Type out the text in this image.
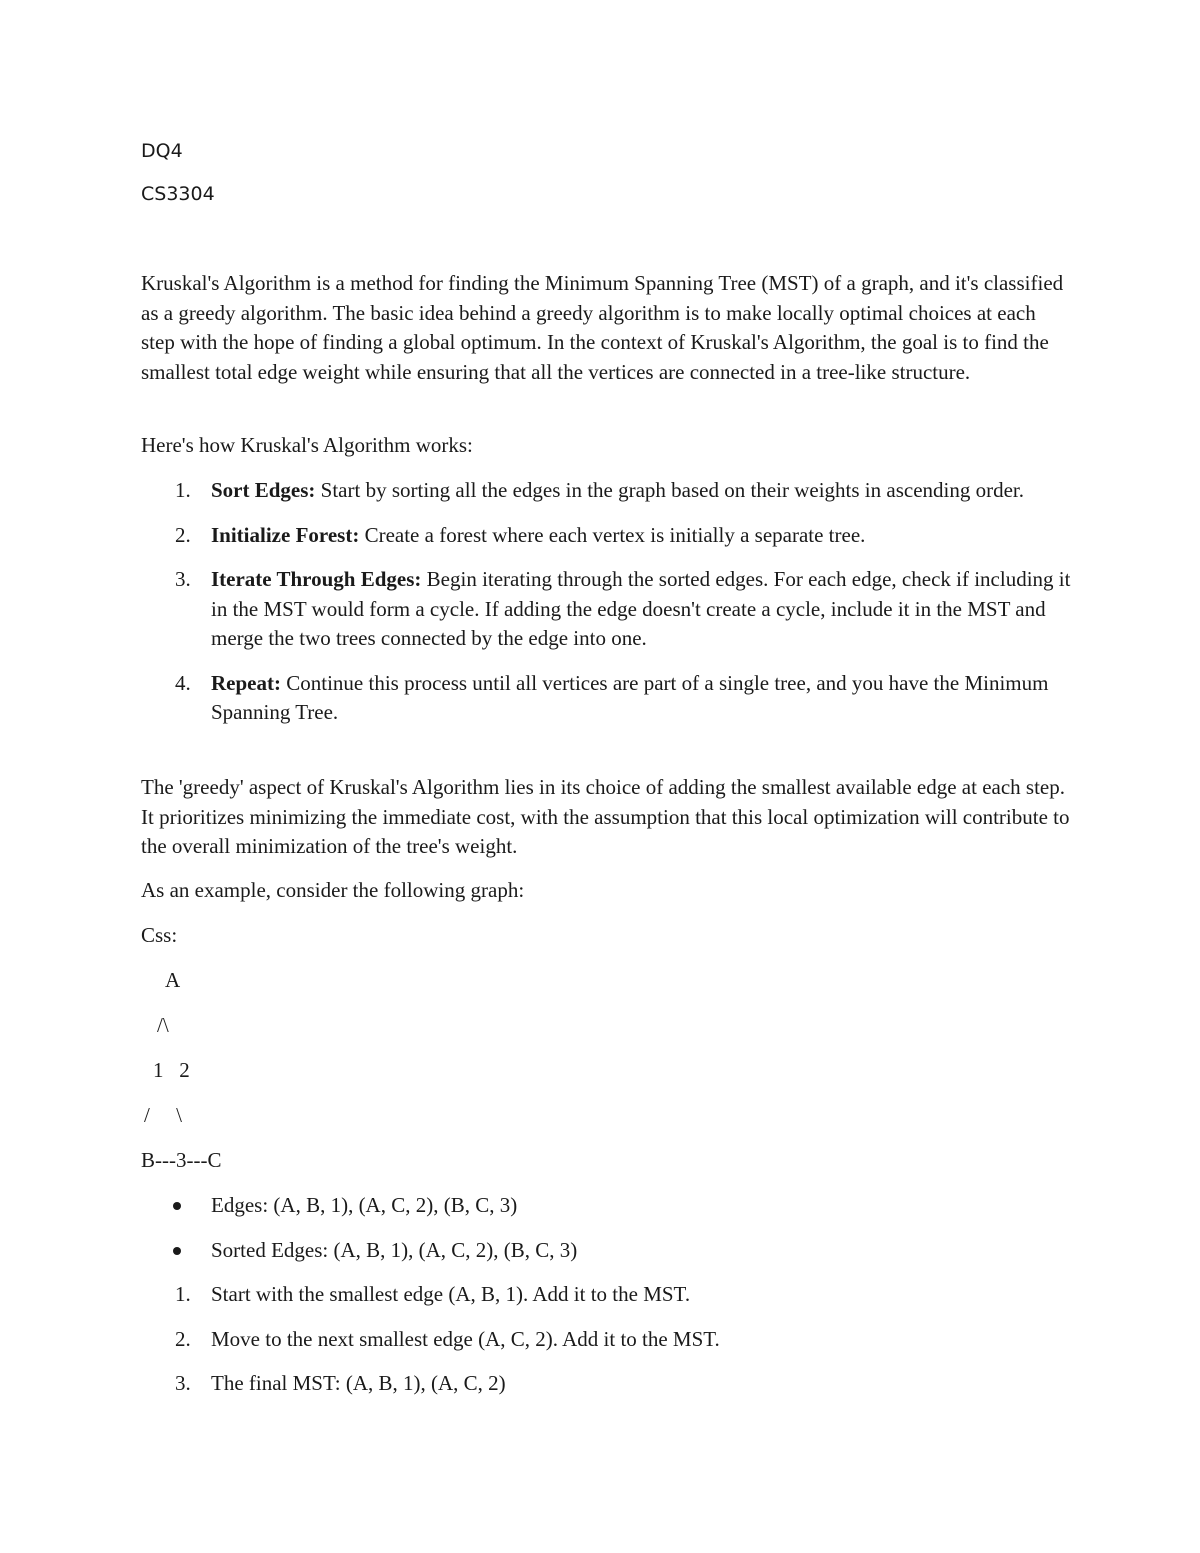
DQ4

CS3304

Kruskal's Algorithm is a method for finding the Minimum Spanning Tree (MST) of a graph, and it's classified as a greedy algorithm. The basic idea behind a greedy algorithm is to make locally optimal choices at each step with the hope of finding a global optimum. In the context of Kruskal's Algorithm, the goal is to find the smallest total edge weight while ensuring that all the vertices are connected in a tree-like structure.

Here's how Kruskal's Algorithm works:

1. Sort Edges: Start by sorting all the edges in the graph based on their weights in ascending order.
2. Initialize Forest: Create a forest where each vertex is initially a separate tree.
3. Iterate Through Edges: Begin iterating through the sorted edges. For each edge, check if including it in the MST would form a cycle. If adding the edge doesn't create a cycle, include it in the MST and merge the two trees connected by the edge into one.
4. Repeat: Continue this process until all vertices are part of a single tree, and you have the Minimum Spanning Tree.

The 'greedy' aspect of Kruskal's Algorithm lies in its choice of adding the smallest available edge at each step. It prioritizes minimizing the immediate cost, with the assumption that this local optimization will contribute to the overall minimization of the tree's weight.

As an example, consider the following graph:

Css:

A

/\

1   2

/     \

B---3---C

Edges: (A, B, 1), (A, C, 2), (B, C, 3)
Sorted Edges: (A, B, 1), (A, C, 2), (B, C, 3)
1. Start with the smallest edge (A, B, 1). Add it to the MST.
2. Move to the next smallest edge (A, C, 2). Add it to the MST.
3. The final MST: (A, B, 1), (A, C, 2)
